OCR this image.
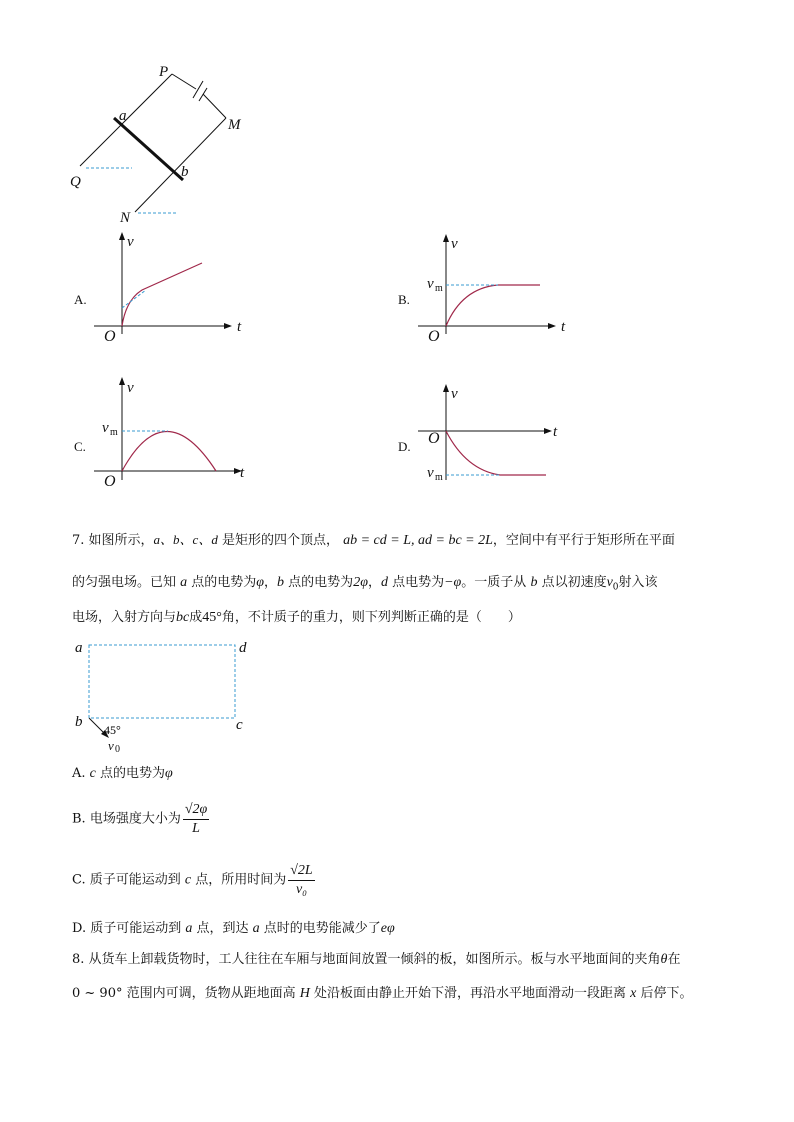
P
M
Q
N
a
b
v
t
O
v
t
O
v m
v
t
O
v m
v
t
O
v m
a	d
b	c
45°
v 0
A.	B.
C.	D.
7. 如图所示，a、b、c、d 是矩形的四个顶点， ab = cd = L, ad = bc = 2L，空间中有平行于矩形所在平面
的匀强电场。已知 a 点的电势为φ，b 点的电势为2φ，d 点电势为−φ。一质子从 b 点以初速度$v_0$射入该
电场，入射方向与bc成45°角，不计质子的重力，则下列判断正确的是（　　）
A. c 点的电势为φ
B. 电场强度大小为 $\frac{√2\varphi}{L}$
C. 质子可能运动到 c 点，所用时间为 $\frac{√2L}{\text{v₀}}$
D. 质子可能运动到 a 点，到达 a 点时的电势能减少了eφ
8. 从货车上卸载货物时，工人往往在车厢与地面间放置一倾斜的板，如图所示。板与水平地面间的夹角θ在
0 ~ 90° 范围内可调，货物从距地面高 H 处沿板面由静止开始下滑，再沿水平地面滑动一段距离 x 后停下。
